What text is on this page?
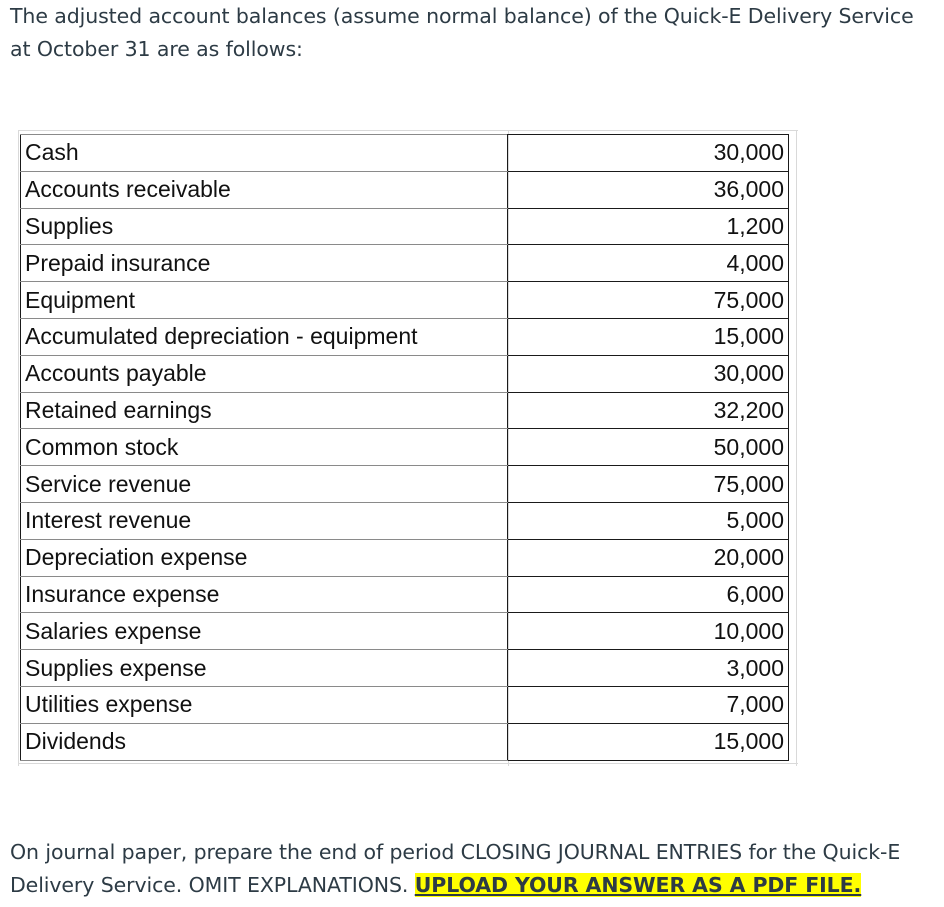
The adjusted account balances (assume normal balance) of the Quick-E Delivery Service at October 31 are as follows:
Cash	30,000
Accounts receivable	36,000
Supplies	1,200
Prepaid insurance	4,000
Equipment	75,000
Accumulated depreciation - equipment	15,000
Accounts payable	30,000
Retained earnings	32,200
Common stock	50,000
Service revenue	75,000
Interest revenue	5,000
Depreciation expense	20,000
Insurance expense	6,000
Salaries expense	10,000
Supplies expense	3,000
Utilities expense	7,000
Dividends	15,000
On journal paper, prepare the end of period CLOSING JOURNAL ENTRIES for the Quick-E Delivery Service. OMIT EXPLANATIONS. UPLOAD YOUR ANSWER AS A PDF FILE.
